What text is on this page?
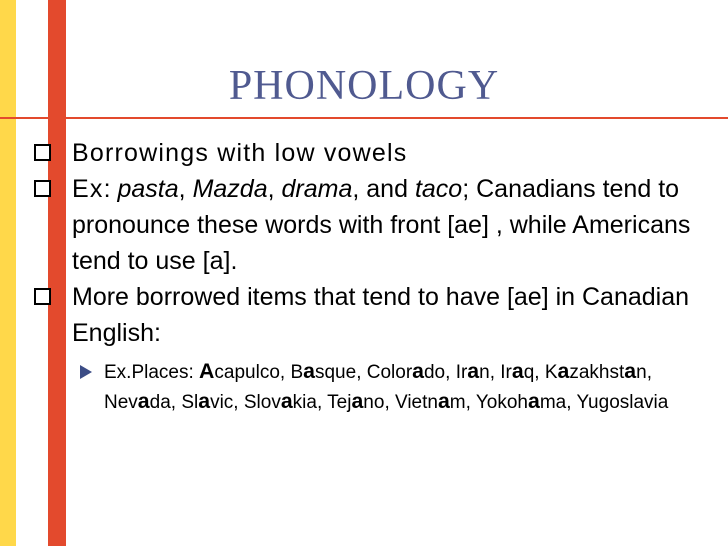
PHONOLOGY
Borrowings with low vowels
Ex: pasta, Mazda, drama, and taco; Canadians tend to pronounce these words with front [ae] , while Americans tend to use [a].
More borrowed items that tend to have [ae] in Canadian English:
Ex.Places: Acapulco, Basque, Colorado, Iran, Iraq, Kazakhstan, Nevada, Slavic, Slovakia, Tejano, Vietnam, Yokohama, Yugoslavia
